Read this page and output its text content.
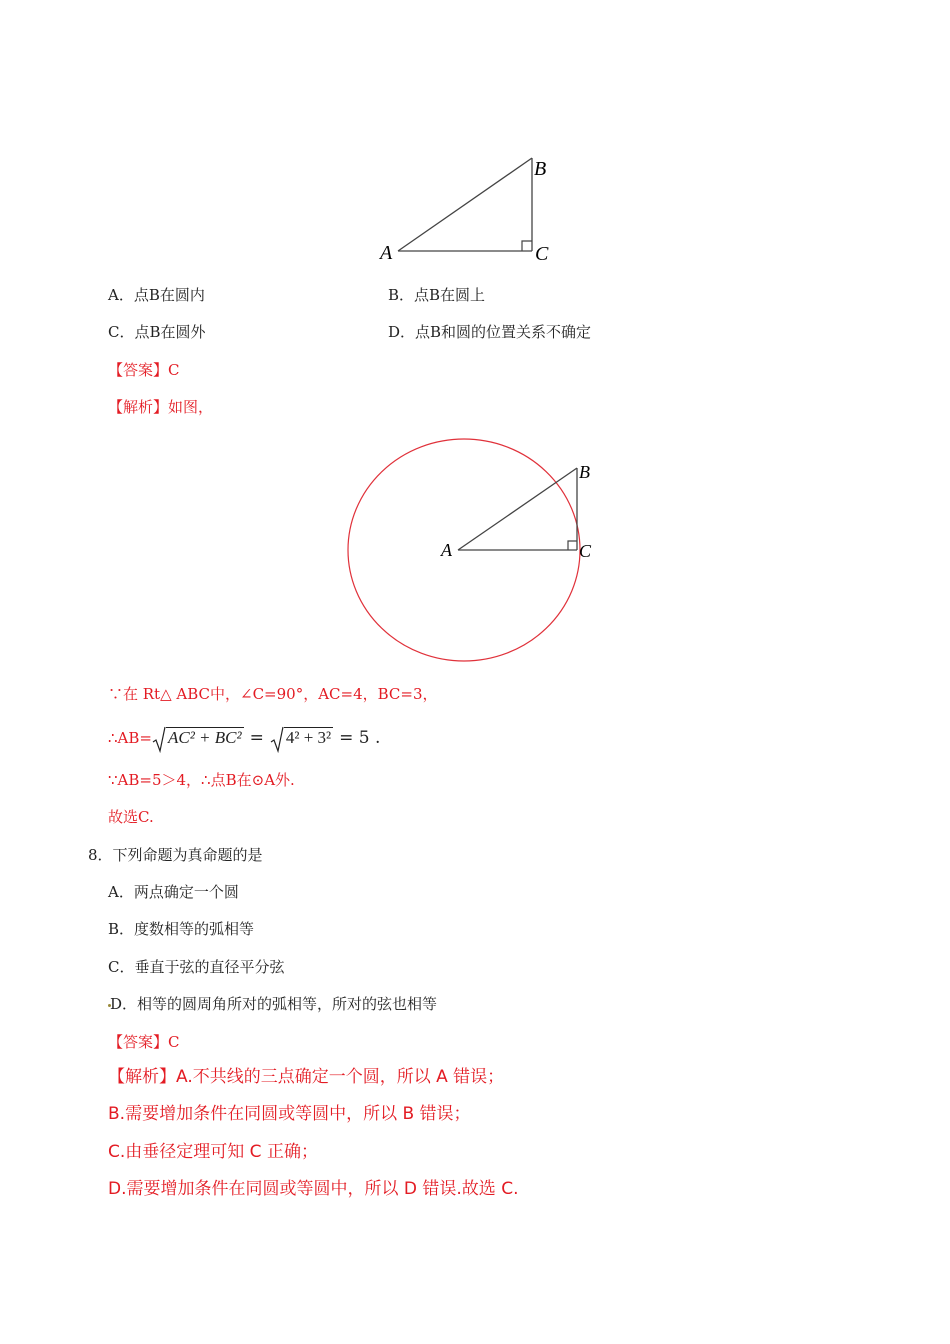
A
B
C
A．点B在圆内	B．点B在圆上
C．点B在圆外	D．点B和圆的位置关系不确定
【答案】C
【解析】如图，
A
B
C
∵在 Rt△ ABC中，∠C=90°，AC=4，BC=3，
∴AB= AC² + BC² = 4² + 3² = 5 .
∵AB=5＞4，∴点B在⊙A外.
故选C.
8．下列命题为真命题的是
A．两点确定一个圆
B．度数相等的弧相等
C．垂直于弦的直径平分弦
D．相等的圆周角所对的弧相等，所对的弦也相等
【答案】C
【解析】A.不共线的三点确定一个圆，所以 A 错误；
B.需要增加条件在同圆或等圆中，所以 B 错误；
C.由垂径定理可知 C 正确；
D.需要增加条件在同圆或等圆中，所以 D 错误.故选 C.
